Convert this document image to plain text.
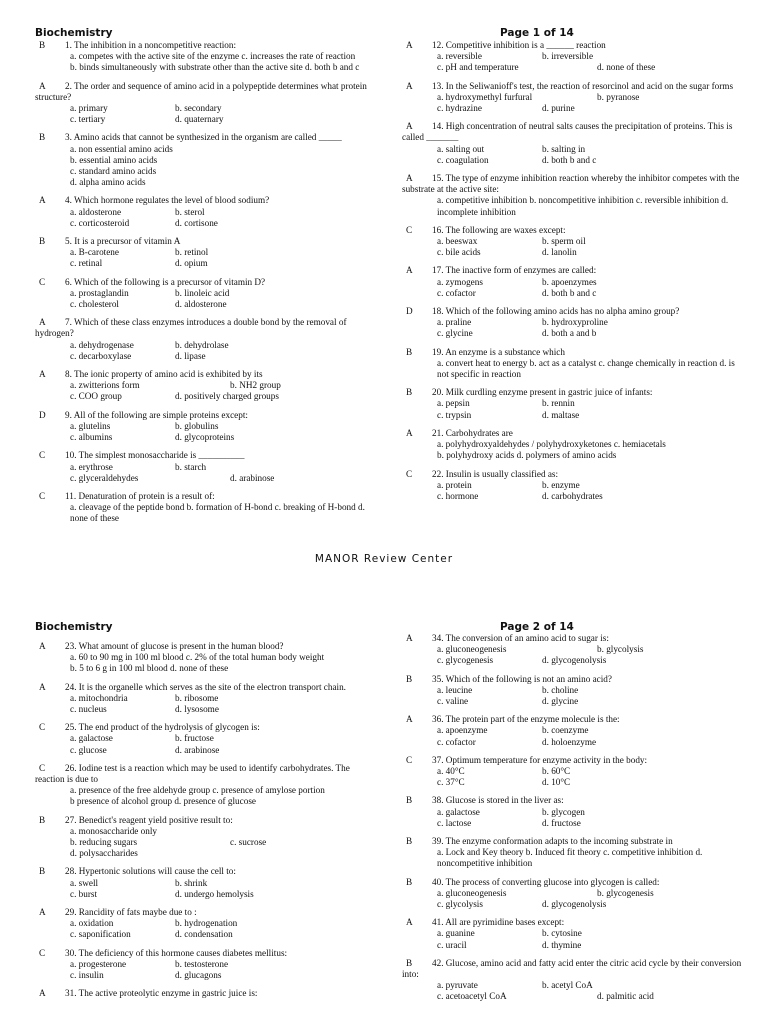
Biochemistry	Page 1 of 14
B 1. The inhibition in a noncompetitive reaction:
a. competes with the active site of the enzyme c. increases the rate of reaction
b. binds simultaneously with substrate other than the active site d. both b and c
A 2. The order and sequence of amino acid in a polypeptide determines what protein structure?
a. primary	b. secondary
c. tertiary	d. quaternary
B 3. Amino acids that cannot be synthesized in the organism are called _____
a. non essential amino acids
b. essential amino acids
c. standard amino acids
d. alpha amino acids
A 4. Which hormone regulates the level of blood sodium?
a. aldosterone	b. sterol
c. corticosteroid	d. cortisone
B 5. It is a precursor of vitamin A
a. B-carotene	b. retinol
c. retinal	d. opium
C 6. Which of the following is a precursor of vitamin D?
a. prostaglandin	b. linoleic acid
c. cholesterol	d. aldosterone
A 7. Which of these class enzymes introduces a double bond by the removal of hydrogen?
a. dehydrogenase	b. dehydrolase
c. decarboxylase	d. lipase
A 8. The ionic property of amino acid is exhibited by its
a. zwitterions form	b. NH2 group
c. COO group	d. positively charged groups
D 9. All of the following are simple proteins except:
a. glutelins	b. globulins
c. albumins	d. glycoproteins
C 10. The simplest monosaccharide is __________
a. erythrose	b. starch
c. glyceraldehydes	d. arabinose
C 11. Denaturation of protein is a result of:
a. cleavage of the peptide bond b. formation of H-bond c. breaking of H-bond d. none of these
A 12. Competitive inhibition is a ______ reaction
a. reversible	b. irreversible
c. pH and temperature	d. none of these
A 13. In the Seliwanioff's test, the reaction of resorcinol and acid on the sugar forms
a. hydroxymethyl furfural	b. pyranose
c. hydrazine	d. purine
A 14. High concentration of neutral salts causes the precipitation of proteins. This is called _______
a. salting out	b. salting in
c. coagulation	d. both b and c
A 15. The type of enzyme inhibition reaction whereby the inhibitor competes with the substrate at the active site:
a. competitive inhibition b. noncompetitive inhibition c. reversible inhibition d. incomplete inhibition
C 16. The following are waxes except:
a. beeswax	b. sperm oil
c. bile acids	d. lanolin
A 17. The inactive form of enzymes are called:
a. zymogens	b. apoenzymes
c. cofactor	d. both b and c
D 18. Which of the following amino acids has no alpha amino group?
a. praline	b. hydroxyproline
c. glycine	d. both a and b
B 19. An enzyme is a substance which
a. convert heat to energy b. act as a catalyst c. change chemically in reaction d. is not specific in reaction
B 20. Milk curdling enzyme present in gastric juice of infants:
a. pepsin	b. rennin
c. trypsin	d. maltase
A 21. Carbohydrates are
a. polyhydroxyaldehydes / polyhydroxyketones c. hemiacetals
b. polyhydroxy acids d. polymers of amino acids
C 22. Insulin is usually classified as:
a. protein	b. enzyme
c. hormone	d. carbohydrates
MANOR Review Center
Biochemistry	Page 2 of 14
A 23. What amount of glucose is present in the human blood?
a. 60 to 90 mg in 100 ml blood c. 2% of the total human body weight
b. 5 to 6 g in 100 ml blood d. none of these
A 24. It is the organelle which serves as the site of the electron transport chain.
a. mitochondria	b. ribosome
c. nucleus	d. lysosome
C 25. The end product of the hydrolysis of glycogen is:
a. galactose	b. fructose
c. glucose	d. arabinose
C 26. Iodine test is a reaction which may be used to identify carbohydrates. The reaction is due to
a. presence of the free aldehyde group c. presence of amylose portion
b presence of alcohol group d. presence of glucose
B 27. Benedict's reagent yield positive result to:
a. monosaccharide only
b. reducing sugars	c. sucrose
d. polysaccharides
B 28. Hypertonic solutions will cause the cell to:
a. swell	b. shrink
c. burst	d. undergo hemolysis
A 29. Rancidity of fats maybe due to :
a. oxidation	b. hydrogenation
c. saponification	d. condensation
C 30. The deficiency of this hormone causes diabetes mellitus:
a. progesterone	b. testosterone
c. insulin	d. glucagons
A 31. The active proteolytic enzyme in gastric juice is:
A 34. The conversion of an amino acid to sugar is:
a. gluconeogenesis	b. glycolysis
c. glycogenesis	d. glycogenolysis
B 35. Which of the following is not an amino acid?
a. leucine	b. choline
c. valine	d. glycine
A 36. The protein part of the enzyme molecule is the:
a. apoenzyme	b. coenzyme
c. cofactor	d. holoenzyme
C 37. Optimum temperature for enzyme activity in the body:
a. 40°C	b. 60°C
c. 37°C	d. 10°C
B 38. Glucose is stored in the liver as:
a. galactose	b. glycogen
c. lactose	d. fructose
B 39. The enzyme conformation adapts to the incoming substrate in
a. Lock and Key theory b. Induced fit theory c. competitive inhibition d. noncompetitive inhibition
B 40. The process of converting glucose into glycogen is called:
a. gluconeogenesis	b. glycogenesis
c. glycolysis	d. glycogenolysis
A 41. All are pyrimidine bases except:
a. guanine	b. cytosine
c. uracil	d. thymine
B 42. Glucose, amino acid and fatty acid enter the citric acid cycle by their conversion into:
a. pyruvate	b. acetyl CoA
c. acetoacetyl CoA	d. palmitic acid
